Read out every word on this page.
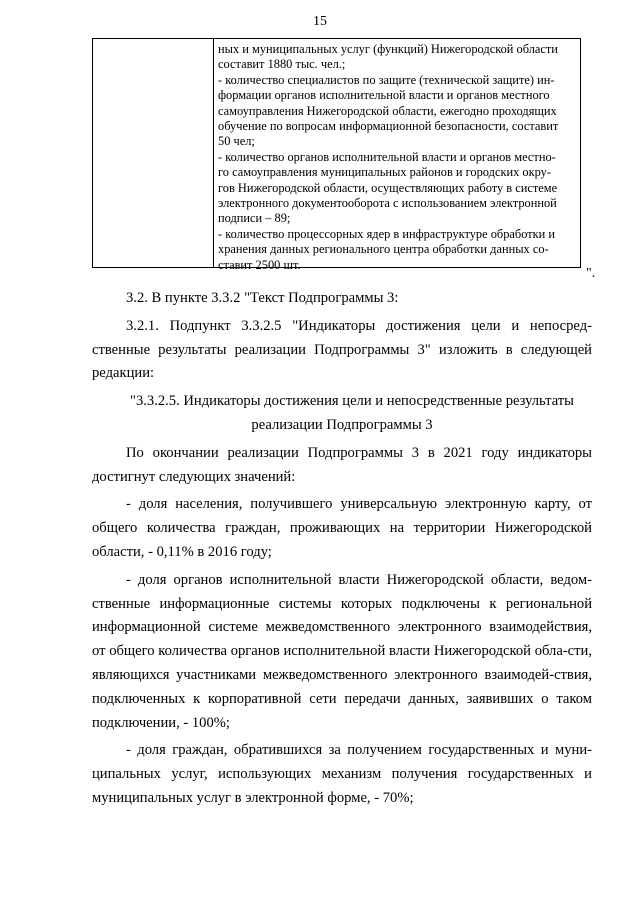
15
ных и муниципальных услуг (функций) Нижегородской области
составит 1880 тыс. чел.;
- количество специалистов по защите (технической защите) ин-
формации органов исполнительной власти и органов местного
самоуправления Нижегородской области, ежегодно проходящих
обучение по вопросам информационной безопасности, составит
50 чел;
- количество органов исполнительной власти и органов местно-
го самоуправления муниципальных районов и городских окру-
гов Нижегородской области, осуществляющих работу в системе
электронного документооборота с использованием электронной
подписи – 89;
- количество процессорных ядер в инфраструктуре обработки и
хранения данных регионального центра обработки данных со-
ставит 2500 шт.
".

3.2. В пункте 3.3.2 "Текст Подпрограммы 3:

3.2.1. Подпункт 3.3.2.5 "Индикаторы достижения цели и непосред-ственные результаты реализации Подпрограммы 3" изложить в следующей редакции:

"3.3.2.5. Индикаторы достижения цели и непосредственные результаты

реализации Подпрограммы 3

По окончании реализации Подпрограммы 3 в 2021 году индикаторы достигнут следующих значений:

- доля населения, получившего универсальную электронную карту, от общего количества граждан, проживающих на территории Нижегородской области, - 0,11% в 2016 году;

- доля органов исполнительной власти Нижегородской области, ведом-ственные информационные системы которых подключены к региональной информационной системе межведомственного электронного взаимодействия, от общего количества органов исполнительной власти Нижегородской обла-сти, являющихся участниками межведомственного электронного взаимодей-ствия, подключенных к корпоративной сети передачи данных, заявивших о таком подключении, - 100%;

- доля граждан, обратившихся за получением государственных и муни-ципальных услуг, использующих механизм получения государственных и муниципальных услуг в электронной форме, - 70%;
